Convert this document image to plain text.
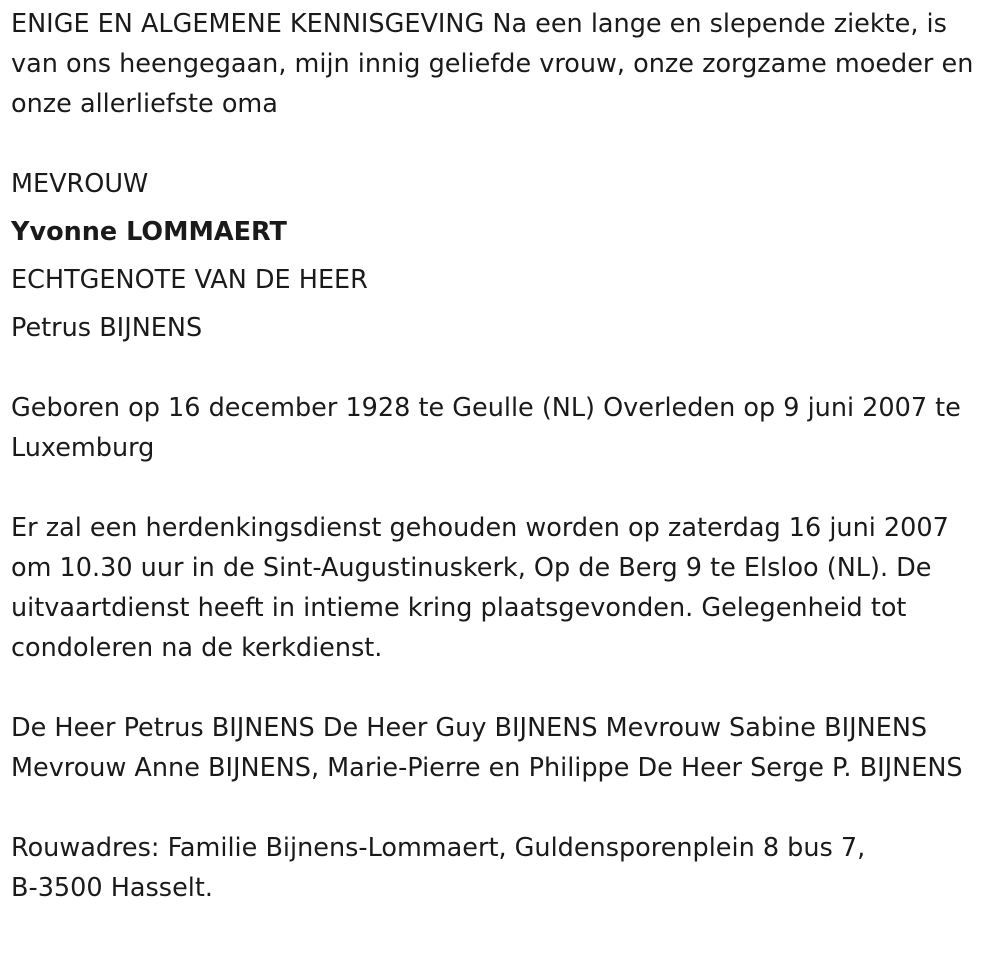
ENIGE EN ALGEMENE KENNISGEVING Na een lange en slepende ziekte, is van ons heengegaan, mijn innig geliefde vrouw, onze zorgzame moeder en onze allerliefste oma

MEVROUW

Yvonne LOMMAERT

ECHTGENOTE VAN DE HEER

Petrus BIJNENS

Geboren op 16 december 1928 te Geulle (NL) Overleden op 9 juni 2007 te Luxemburg

Er zal een herdenkingsdienst gehouden worden op zaterdag 16 juni 2007 om 10.30 uur in de Sint-Augustinuskerk, Op de Berg 9 te Elsloo (NL). De uitvaartdienst heeft in intieme kring plaatsgevonden. Gelegenheid tot condoleren na de kerkdienst.

De Heer Petrus BIJNENS De Heer Guy BIJNENS Mevrouw Sabine BIJNENS Mevrouw Anne BIJNENS, Marie-Pierre en Philippe De Heer Serge P. BIJNENS

Rouwadres: Familie Bijnens-Lommaert, Guldensporenplein 8 bus 7,

B-3500 Hasselt.
